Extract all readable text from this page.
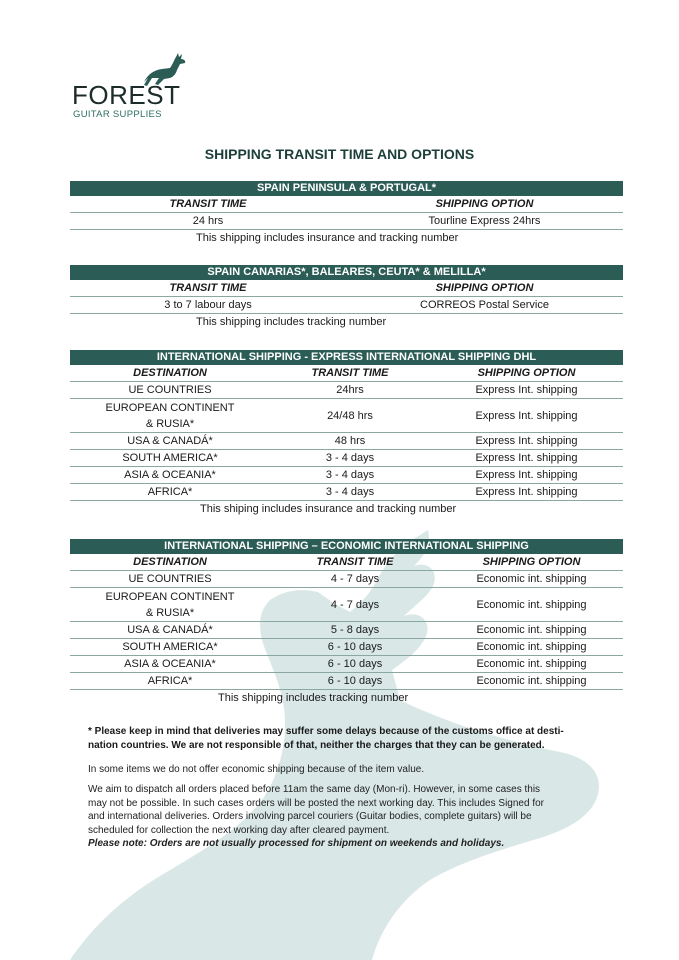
FOREST
GUITAR SUPPLIES
SHIPPING TRANSIT TIME AND OPTIONS
SPAIN PENINSULA & PORTUGAL*
TRANSIT TIME	SHIPPING OPTION
24 hrs	Tourline Express 24hrs
This shipping includes insurance and tracking number
SPAIN CANARIAS*, BALEARES, CEUTA* & MELILLA*
TRANSIT TIME	SHIPPING OPTION
3 to 7 labour days	CORREOS Postal Service
This shipping includes tracking number
INTERNATIONAL SHIPPING - EXPRESS INTERNATIONAL SHIPPING DHL
DESTINATION	TRANSIT TIME	SHIPPING OPTION
UE COUNTRIES	24hrs	Express Int. shipping
EUROPEAN CONTINENT
& RUSIA*
24/48 hrs	Express Int. shipping
USA & CANADÁ*	48 hrs	Express Int. shipping
SOUTH AMERICA*	3 - 4 days	Express Int. shipping
ASIA & OCEANIA*	3 - 4 days	Express Int. shipping
AFRICA*	3 - 4 days	Express Int. shipping
This shiping includes insurance and tracking number
INTERNATIONAL SHIPPING – ECONOMIC INTERNATIONAL SHIPPING
DESTINATION	TRANSIT TIME	SHIPPING OPTION
UE COUNTRIES	4 - 7 days	Economic int. shipping
EUROPEAN CONTINENT
& RUSIA*
4 - 7 days	Economic int. shipping
USA & CANADÁ*	5 - 8 days	Economic int. shipping
SOUTH AMERICA*	6 - 10 days	Economic int. shipping
ASIA & OCEANIA*	6 - 10 days	Economic int. shipping
AFRICA*	6 - 10 days	Economic int. shipping
This shipping includes tracking number
* Please keep in mind that deliveries may suffer some delays because of the customs office at desti-
nation countries. We are not responsible of that, neither the charges that they can be generated.
In some items we do not offer economic shipping because of the item value.
We aim to dispatch all orders placed before 11am the same day (Mon-ri). However, in some cases this
may not be possible. In such cases orders will be posted the next working day. This includes Signed for
and international deliveries. Orders involving parcel couriers (Guitar bodies, complete guitars) will be
scheduled for collection the next working day after cleared payment.
Please note: Orders are not usually processed for shipment on weekends and holidays.
